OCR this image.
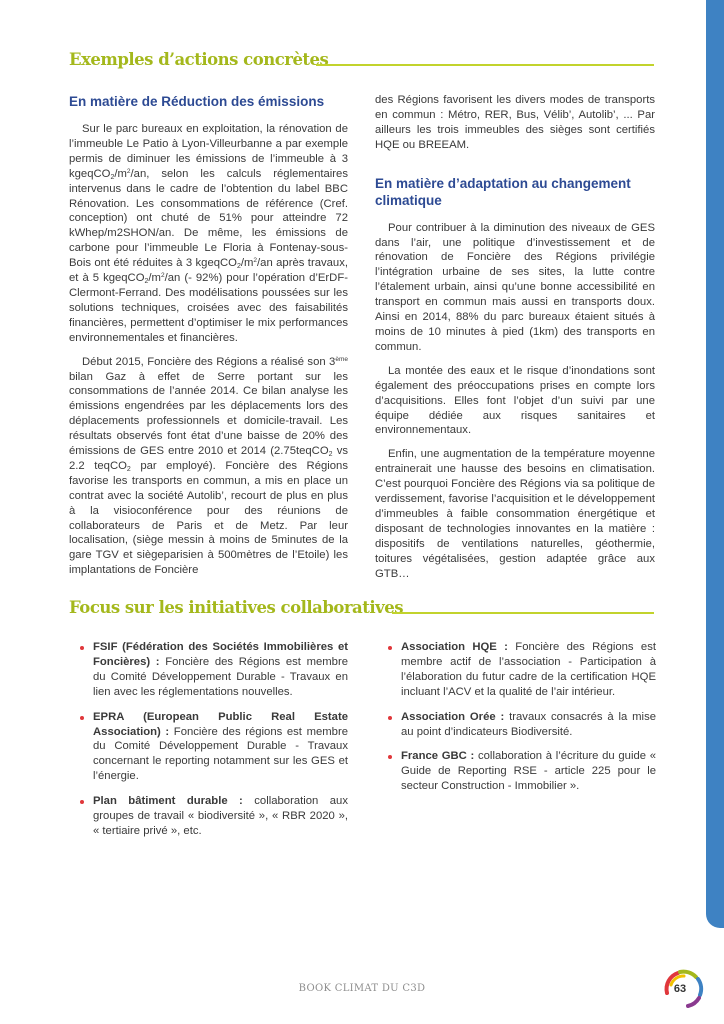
Exemples d’actions concrètes
En matière de Réduction des émissions

Sur le parc bureaux en exploitation, la rénovation de l’immeuble Le Patio à Lyon-Villeurbanne a par exemple permis de diminuer les émissions de l’immeuble à 3 $kgeqCO_2/m^2/an$, selon les calculs réglementaires intervenus dans le cadre de l’obtention du label BBC Rénovation. Les consommations de référence (Cref. conception) ont chuté de 51% pour atteindre 72 kWhep/m2SHON/an. De même, les émissions de carbone pour l’immeuble Le Floria à Fontenay-sous-Bois ont été réduites à 3 $kgeqCO_2/m^2/an$ après travaux, et à 5 $kgeqCO_2/m^2/an$ (- 92%) pour l’opération d’ErDF-Clermont-Ferrand. Des modélisations poussées sur les solutions techniques, croisées avec des faisabilités financières, permettent d’optimiser le mix performances environnementales et financières.

Début 2015, Foncière des Régions a réalisé son 3ème bilan Gaz à effet de Serre portant sur les consommations de l’année 2014. Ce bilan analyse les émissions engendrées par les déplacements lors des déplacements professionnels et domicile-travail. Les résultats observés font état d’une baisse de 20% des émissions de GES entre 2010 et 2014 (2.75teqCO$_2$ vs 2.2 teqCO$_2$ par employé). Foncière des Régions favorise les transports en commun, a mis en place un contrat avec la société Autolib’, recourt de plus en plus à la visioconférence pour des réunions de collaborateurs de Paris et de Metz. Par leur localisation, (siège messin à moins de 5minutes de la gare TGV et siègeparisien à 500mètres de l’Etoile) les implantations de Foncière

des Régions favorisent les divers modes de transports en commun : Métro, RER, Bus, Vélib’, Autolib’, ... Par ailleurs les trois immeubles des sièges sont certifiés HQE ou BREEAM.

En matière d’adaptation au changement climatique

Pour contribuer à la diminution des niveaux de GES dans l’air, une politique d’investissement et de rénovation de Foncière des Régions privilégie l’intégration urbaine de ses sites, la lutte contre l’étalement urbain, ainsi qu’une bonne accessibilité en transport en commun mais aussi en transports doux. Ainsi en 2014, 88% du parc bureaux étaient situés à moins de 10 minutes à pied (1km) des transports en commun.

La montée des eaux et le risque d’inondations sont également des préoccupations prises en compte lors d’acquisitions. Elles font l’objet d’un suivi par une équipe dédiée aux risques sanitaires et environnementaux.

Enfin, une augmentation de la température moyenne entrainerait une hausse des besoins en climatisation. C’est pourquoi Foncière des Régions via sa politique de verdissement, favorise l’acquisition et le développement d’immeubles à faible consommation énergétique et disposant de technologies innovantes en la matière : dispositifs de ventilations naturelles, géothermie, toitures végétalisées, gestion adaptée grâce aux GTB…

Focus sur les initiatives collaboratives
FSIF (Fédération des Sociétés Immobilières et Foncières) : Foncière des Régions est membre du Comité Développement Durable - Travaux en lien avec les réglementations nouvelles.
EPRA (European Public Real Estate Association) : Foncière des régions est membre du Comité Développement Durable - Travaux concernant le reporting notamment sur les GES et l’énergie.
Plan bâtiment durable : collaboration aux groupes de travail « biodiversité », « RBR 2020 », « tertiaire privé », etc.
Association HQE : Foncière des Régions est membre actif de l’association - Participation à l’élaboration du futur cadre de la certification HQE incluant l’ACV et la qualité de l’air intérieur.
Association Orée : travaux consacrés à la mise au point d’indicateurs Biodiversité.
France GBC : collaboration à l’écriture du guide « Guide de Reporting RSE - article 225 pour le secteur Construction - Immobilier ».
BOOK CLIMAT DU C3D	63
